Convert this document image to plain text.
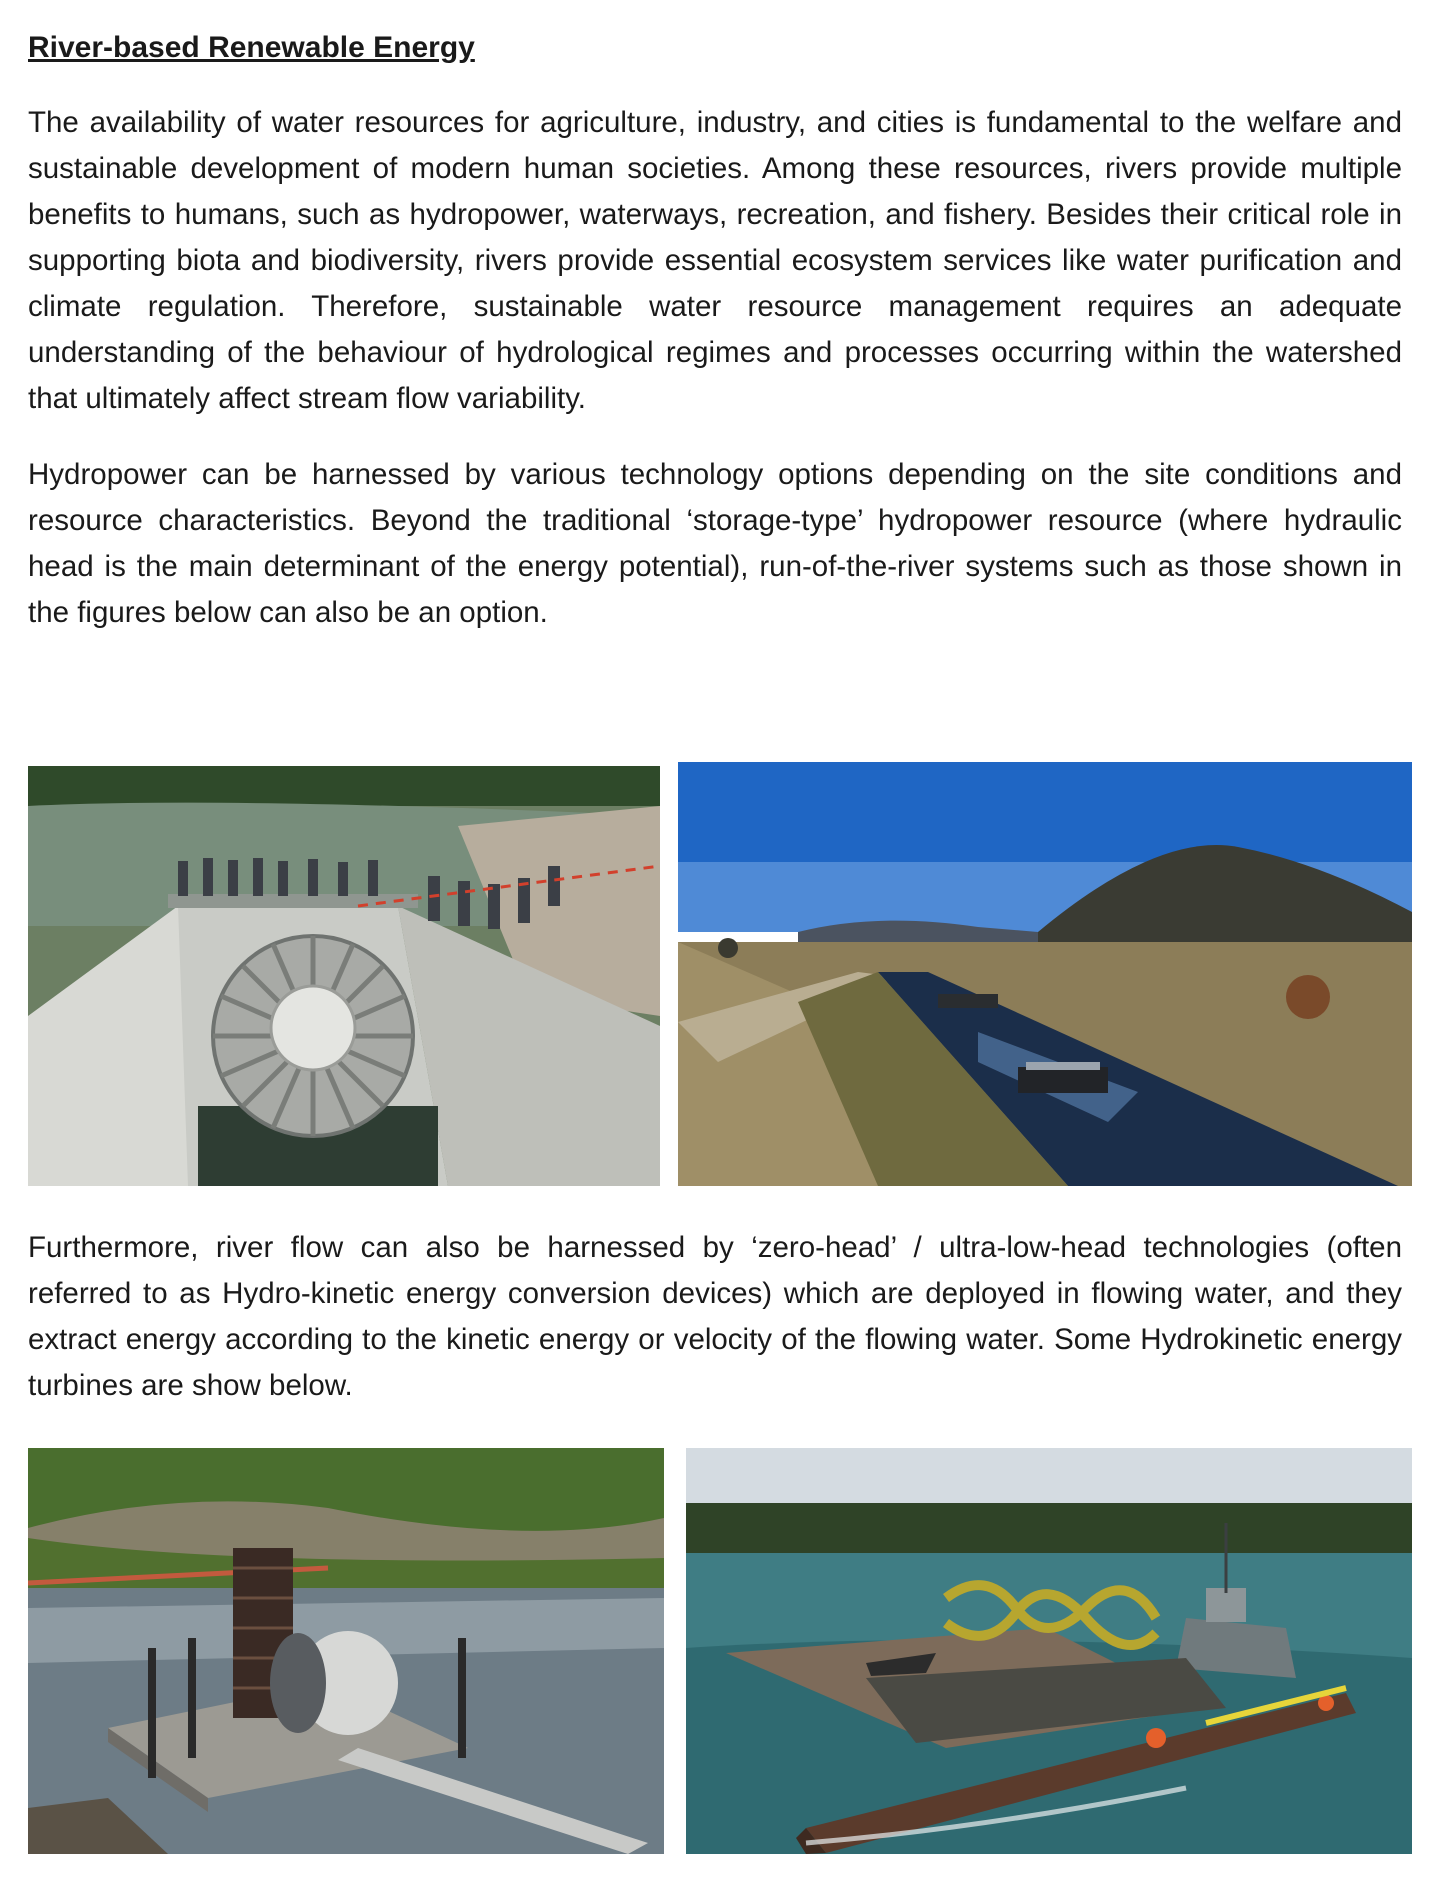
River-based Renewable Energy

The availability of water resources for agriculture, industry, and cities is fundamental to the welfare and sustainable development of modern human societies. Among these resources, rivers provide multiple benefits to humans, such as hydropower, waterways, recreation, and fishery. Besides their critical role in supporting biota and biodiversity, rivers provide essential ecosystem services like water purification and climate regulation. Therefore, sustainable water resource management requires an adequate understanding of the behaviour of hydrological regimes and processes occurring within the watershed that ultimately affect stream flow variability.

Hydropower can be harnessed by various technology options depending on the site conditions and resource characteristics. Beyond the traditional ‘storage-type’ hydropower resource (where hydraulic head is the main determinant of the energy potential), run-of-the-river systems such as those shown in the figures below can also be an option.

Furthermore, river flow can also be harnessed by ‘zero-head’ / ultra-low-head technologies (often referred to as Hydro-kinetic energy conversion devices) which are deployed in flowing water, and they extract energy according to the kinetic energy or velocity of the flowing water. Some Hydrokinetic energy turbines are show below.
